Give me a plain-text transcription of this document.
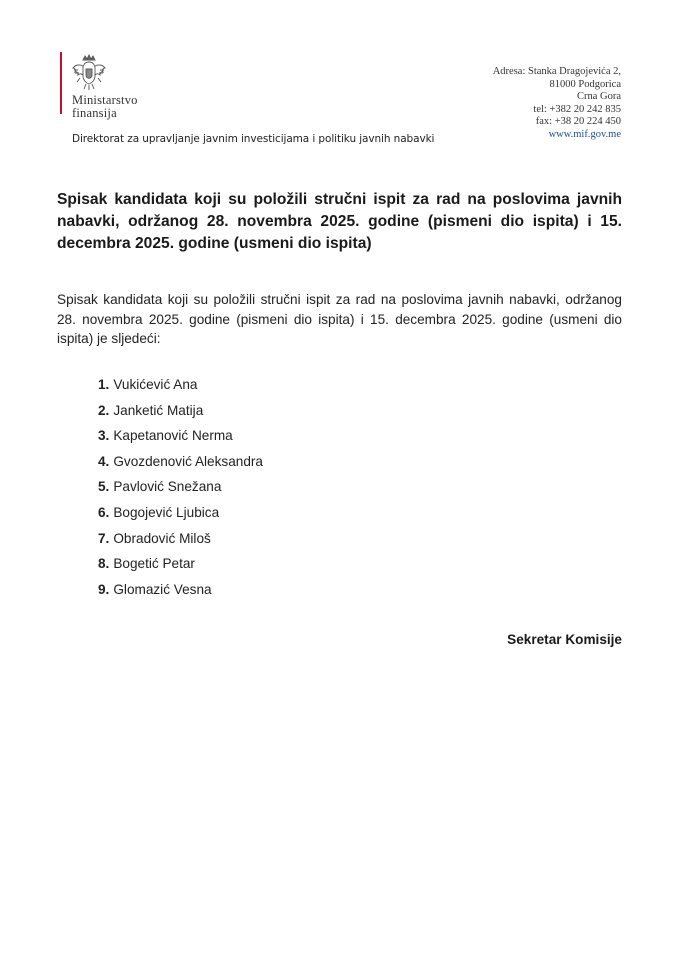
Ministarstvo
finansija
Direktorat za upravljanje javnim investicijama i politiku javnih nabavki
Adresa: Stanka Dragojevića 2,
81000 Podgorica
Crna Gora
tel: +382 20 242 835
fax: +38 20 224 450
www.mif.gov.me
Spisak kandidata koji su položili stručni ispit za rad na poslovima javnih nabavki, održanog 28. novembra 2025. godine (pismeni dio ispita) i 15. decembra 2025. godine (usmeni dio ispita)
Spisak kandidata koji su položili stručni ispit za rad na poslovima javnih nabavki, održanog 28. novembra 2025. godine (pismeni dio ispita) i 15. decembra 2025. godine (usmeni dio ispita) je sljedeći:
1. Vukićević Ana
2. Janketić Matija
3. Kapetanović Nerma
4. Gvozdenović Aleksandra
5. Pavlović Snežana
6. Bogojević Ljubica
7. Obradović Miloš
8. Bogetić Petar
9. Glomazić Vesna
Sekretar Komisije
